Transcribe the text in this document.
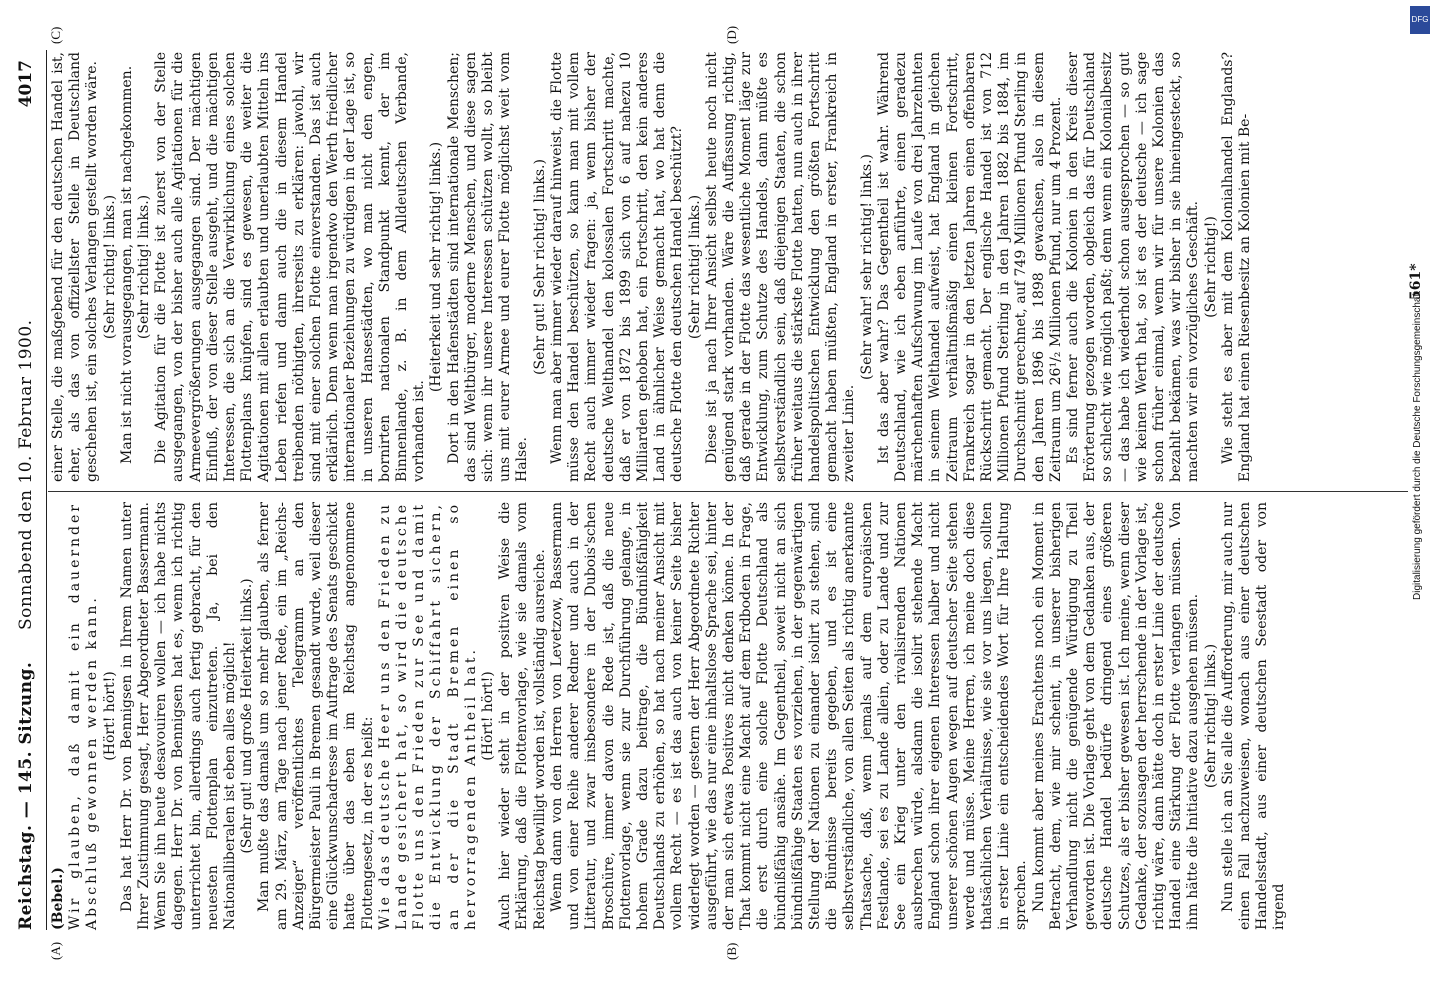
Reichstag. — 145. Sitzung.
Sonnabend den 10. Februar 1900.
4017
(A)	(B)
(C)	(D)

(Bebel.) Wir glauben, daß damit ein dauernder Abschluß gewonnen werden kann. (Hört! hört!) Das hat Herr Dr. von Bennigsen in Ihrem Namen unter Ihrer Zustimmung gesagt, Herr Abgeordneter Bassermann. Wenn Sie ihn heute desavouiren wollen — ich habe nichts dagegen. Herr Dr. von Bennigsen hat es, wenn ich richtig unterrichtet bin, allerdings auch fertig gebracht, für den neuesten Flottenplan einzutreten. Ja, bei den Nationalliberalen ist eben alles möglich! (Sehr gut! und große Heiterkeit links.) Man mußte das damals um so mehr glauben, als ferner am 29. März, am Tage nach jener Rede, ein im „Reichs-Anzeiger“ veröffentlichtes Telegramm an den Bürgermeister Pauli in Bremen gesandt wurde, weil dieser eine Glückwunschadresse im Auftrage des Senats geschickt hatte über das eben im Reichstag angenommene Flottengesetz, in der es heißt: Wie das deutsche Heer uns den Frieden zu Lande gesichert hat, so wird die deutsche Flotte uns den Frieden zur See und damit die Entwicklung der Schiffahrt sichern, an der die Stadt Bremen einen so hervorragenden Antheil hat. (Hört! hört!) Auch hier wieder steht in der positiven Weise die Erklärung, daß die Flottenvorlage, wie sie damals vom Reichstag bewilligt worden ist, vollständig ausreiche. Wenn dann von den Herren von Levetzow, Bassermann und von einer Reihe anderer Redner und auch in der Litteratur, und zwar insbesondere in der Dubois'schen Broschüre, immer davon die Rede ist, daß die neue Flottenvorlage, wenn sie zur Durchführung gelange, in hohem Grade dazu beitrage, die Bündnißfähigkeit Deutschlands zu erhöhen, so hat nach meiner Ansicht mit vollem Recht — es ist das auch von keiner Seite bisher widerlegt worden — gestern der Herr Abgeordnete Richter ausgeführt, wie das nur eine inhaltslose Sprache sei, hinter der man sich etwas Positives nicht denken könne. In der That kommt nicht eine Macht auf dem Erdboden in Frage, die erst durch eine solche Flotte Deutschland als bündnißfähig ansähe. Im Gegentheil, soweit nicht an sich bündnißfähige Staaten es vorziehen, in der gegenwärtigen Stellung der Nationen zu einander isolirt zu stehen, sind die Bündnisse bereits gegeben, und es ist eine selbstverständliche, von allen Seiten als richtig anerkannte Thatsache, daß, wenn jemals auf dem europäischen Festlande, sei es zu Lande allein, oder zu Lande und zur See ein Krieg unter den rivalisirenden Nationen ausbrechen würde, alsdann die isolirt stehende Macht England schon ihrer eigenen Interessen halber und nicht unserer schönen Augen wegen auf deutscher Seite stehen werde und müsse. Meine Herren, ich meine doch diese thatsächlichen Verhältnisse, wie sie vor uns liegen, sollten in erster Linie ein entscheidendes Wort für Ihre Haltung sprechen. Nun kommt aber meines Erachtens noch ein Moment in Betracht, dem, wie mir scheint, in unserer bisherigen Verhandlung nicht die genügende Würdigung zu Theil geworden ist. Die Vorlage geht von dem Gedanken aus, der deutsche Handel bedürfe dringend eines größeren Schutzes, als er bisher gewesen ist. Ich meine, wenn dieser Gedanke, der sozusagen der herrschende in der Vorlage ist, richtig wäre, dann hätte doch in erster Linie der deutsche Handel eine Stärkung der Flotte verlangen müssen. Von ihm hätte die Initiative dazu ausgehen müssen. (Sehr richtig! links.) Nun stelle ich an Sie alle die Aufforderung, mir auch nur einen Fall nachzuweisen, wonach aus einer deutschen Handelsstadt, aus einer deutschen Seestadt oder von irgend

einer Stelle, die maßgebend für den deutschen Handel ist, eher, als das von offiziellster Stelle in Deutschland geschehen ist, ein solches Verlangen gestellt worden wäre. (Sehr richtig! links.) Man ist nicht vorausgegangen, man ist nachgekommen. (Sehr richtig! links.) Die Agitation für die Flotte ist zuerst von der Stelle ausgegangen, von der bisher auch alle Agitationen für die Armeevergrößerungen ausgegangen sind. Der mächtigen Einfluß, der von dieser Stelle ausgeht, und die mächtigen Interessen, die sich an die Verwirklichung eines solchen Flottenplans knüpfen, sind es gewesen, die weiter die Agitationen mit allen erlaubten und unerlaubten Mitteln ins Leben riefen und dann auch die in diesem Handel treibenden nöthigten, ihrerseits zu erklären: jawohl, wir sind mit einer solchen Flotte einverstanden. Das ist auch erklärlich. Denn wenn man irgendwo den Werth friedlicher internationaler Beziehungen zu würdigen in der Lage ist, so in unseren Hansestädten, wo man nicht den engen, bornirten nationalen Standpunkt kennt, der im Binnenlande, z. B. in dem Alldeutschen Verbande, vorhanden ist.

(Heiterkeit und sehr richtig! links.) Dort in den Hafenstädten sind internationale Menschen; das sind Weltbürger, moderne Menschen, und diese sagen sich: wenn ihr unsere Interessen schützen wollt, so bleibt uns mit eurer Armee und eurer Flotte möglichst weit vom Halse.

(Sehr gut! Sehr richtig! links.) Wenn man aber immer wieder darauf hinweist, die Flotte müsse den Handel beschützen, so kann man mit vollem Recht auch immer wieder fragen: ja, wenn bisher der deutsche Welthandel den kolossalen Fortschritt machte, daß er von 1872 bis 1899 sich von 6 auf nahezu 10 Milliarden gehoben hat, ein Fortschritt, den kein anderes Land in ähnlicher Weise gemacht hat, wo hat denn die deutsche Flotte den deutschen Handel beschützt? (Sehr richtig! links.) Diese ist ja nach Ihrer Ansicht selbst heute noch nicht genügend stark vorhanden. Wäre die Auffassung richtig, daß gerade in der Flotte das wesentliche Moment läge zur Entwicklung, zum Schutze des Handels, dann müßte es selbstverständlich sein, daß diejenigen Staaten, die schon früher weitaus die stärkste Flotte hatten, nun auch in ihrer handelspolitischen Entwicklung den größten Fortschritt gemacht haben müßten, England in erster, Frankreich in zweiter Linie.

(Sehr wahr! sehr richtig! links.) Ist das aber wahr? Das Gegentheil ist wahr. Während Deutschland, wie ich eben anführte, einen geradezu märchenhaften Aufschwung im Laufe von drei Jahrzehnten in seinem Welthandel aufweist, hat England in gleichen Zeitraum verhältnißmäßig einen kleinen Fortschritt, Frankreich sogar in den letzten Jahren einen offenbaren Rückschritt gemacht. Der englische Handel ist von 712 Millionen Pfund Sterling in den Jahren 1882 bis 1884, im Durchschnitt gerechnet, auf 749 Millionen Pfund Sterling in den Jahren 1896 bis 1898 gewachsen, also in diesem Zeitraum um 26¹/₂ Millionen Pfund, nur um 4 Prozent. Es sind ferner auch die Kolonien in den Kreis dieser Erörterung gezogen worden, obgleich das für Deutschland so schlecht wie möglich paßt; denn wenn ein Kolonialbesitz — das habe ich wiederholt schon ausgesprochen — so gut wie keinen Werth hat, so ist es der deutsche — ich sage schon früher einmal, wenn wir für unsere Kolonien das bezahlt bekämen, was wir bisher in sie hineingesteckt, so machten wir ein vorzügliches Geschäft. (Sehr richtig!) Wie steht es aber mit dem Kolonialhandel Englands? England hat einen Riesenbesitz an Kolonien mit Be-	561*
DFG
Digitalisierung gefördert durch die Deutsche Forschungsgemeinschaft
